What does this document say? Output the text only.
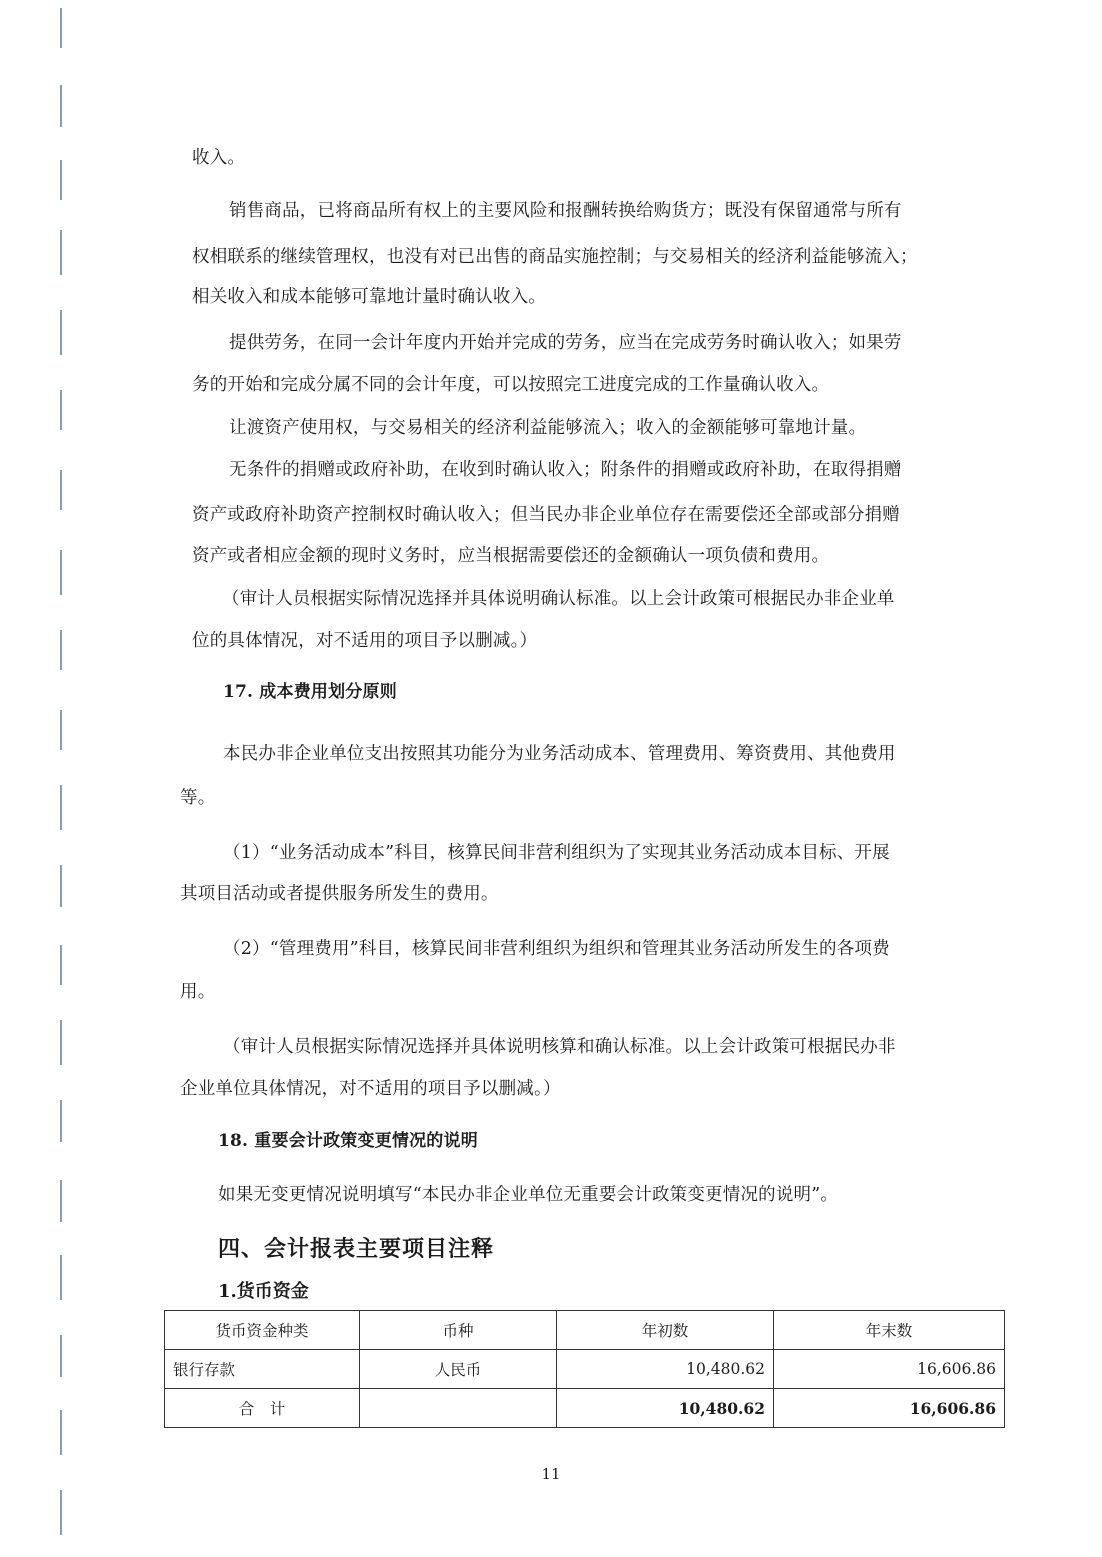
收入。
销售商品，已将商品所有权上的主要风险和报酬转换给购货方；既没有保留通常与所有
权相联系的继续管理权，也没有对已出售的商品实施控制；与交易相关的经济利益能够流入；
相关收入和成本能够可靠地计量时确认收入。
提供劳务，在同一会计年度内开始并完成的劳务，应当在完成劳务时确认收入；如果劳
务的开始和完成分属不同的会计年度，可以按照完工进度完成的工作量确认收入。
让渡资产使用权，与交易相关的经济利益能够流入；收入的金额能够可靠地计量。
无条件的捐赠或政府补助，在收到时确认收入；附条件的捐赠或政府补助，在取得捐赠
资产或政府补助资产控制权时确认收入；但当民办非企业单位存在需要偿还全部或部分捐赠
资产或者相应金额的现时义务时，应当根据需要偿还的金额确认一项负债和费用。
（审计人员根据实际情况选择并具体说明确认标准。以上会计政策可根据民办非企业单
位的具体情况，对不适用的项目予以删减。）
17. 成本费用划分原则
本民办非企业单位支出按照其功能分为业务活动成本、管理费用、筹资费用、其他费用
等。
（1）“业务活动成本”科目，核算民间非营利组织为了实现其业务活动成本目标、开展
其项目活动或者提供服务所发生的费用。
（2）“管理费用”科目，核算民间非营利组织为组织和管理其业务活动所发生的各项费
用。
（审计人员根据实际情况选择并具体说明核算和确认标准。以上会计政策可根据民办非
企业单位具体情况，对不适用的项目予以删减。）
18. 重要会计政策变更情况的说明
如果无变更情况说明填写“本民办非企业单位无重要会计政策变更情况的说明”。
四、会计报表主要项目注释
1.货币资金
货币资金种类	币种	年初数	年末数
银行存款	人民币	10,480.62	16,606.86
合　计		10,480.62	16,606.86
11
